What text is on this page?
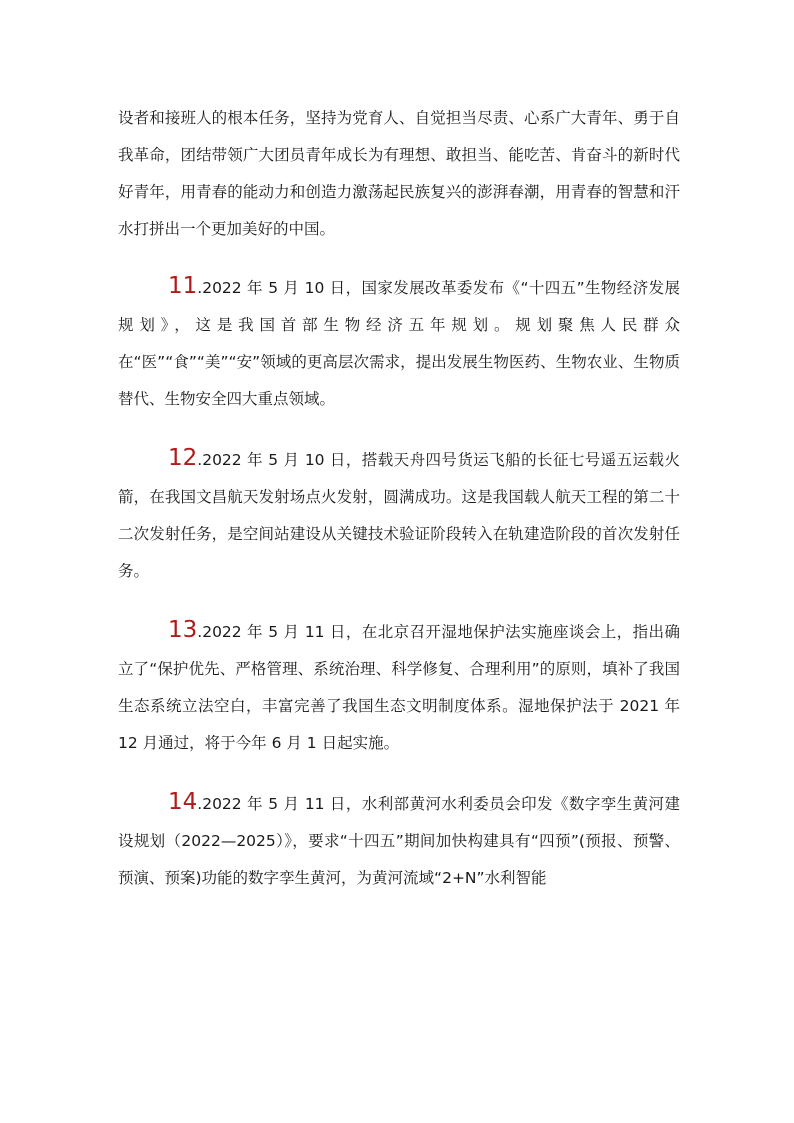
设者和接班人的根本任务，坚持为党育人、自觉担当尽责、心系广大青年、勇于自我革命，团结带领广大团员青年成长为有理想、敢担当、能吃苦、肯奋斗的新时代好青年，用青春的能动力和创造力激荡起民族复兴的澎湃春潮，用青春的智慧和汗水打拼出一个更加美好的中国。

11.2022 年 5 月 10 日，国家发展改革委发布《“十四五”生物经济发展规划》，这是我国首部生物经济五年规划。规划聚焦人民群众在“医”“食”“美”“安”领域的更高层次需求，提出发展生物医药、生物农业、生物质替代、生物安全四大重点领域。

12.2022 年 5 月 10 日，搭载天舟四号货运飞船的长征七号遥五运载火箭，在我国文昌航天发射场点火发射，圆满成功。这是我国载人航天工程的第二十二次发射任务，是空间站建设从关键技术验证阶段转入在轨建造阶段的首次发射任务。

13.2022 年 5 月 11 日，在北京召开湿地保护法实施座谈会上，指出确立了“保护优先、严格管理、系统治理、科学修复、合理利用”的原则，填补了我国生态系统立法空白，丰富完善了我国生态文明制度体系。湿地保护法于 2021 年 12 月通过，将于今年 6 月 1 日起实施。

14.2022 年 5 月 11 日，水利部黄河水利委员会印发《数字孪生黄河建设规划（2022—2025）》，要求“十四五”期间加快构建具有“四预”(预报、预警、预演、预案)功能的数字孪生黄河，为黄河流域“2+N”水利智能
